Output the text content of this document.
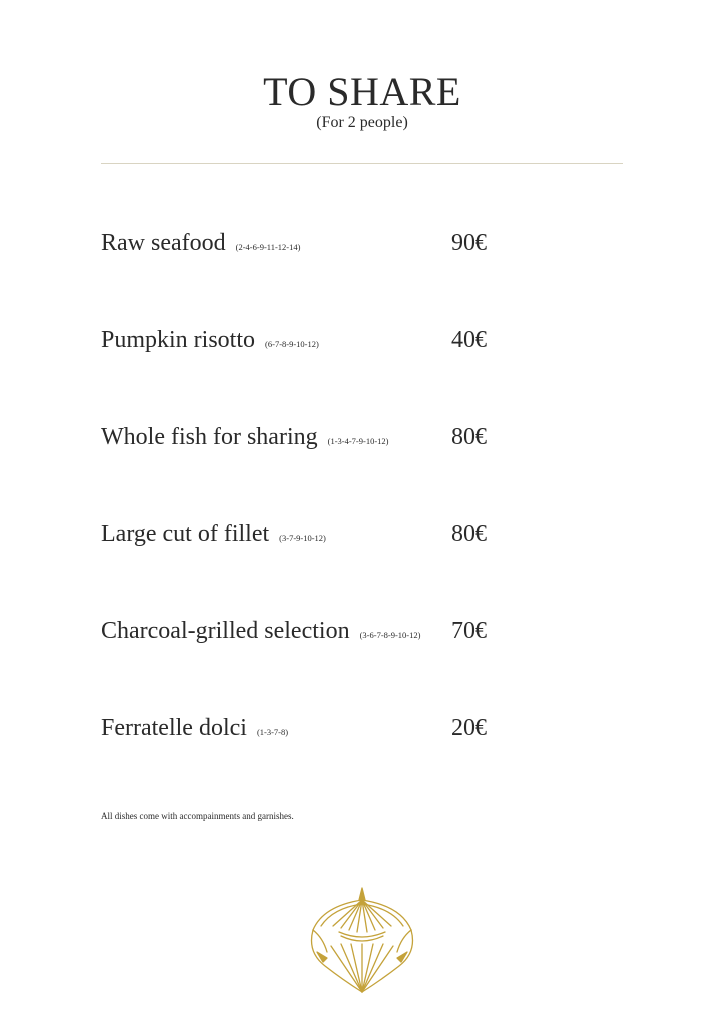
TO SHARE
(For 2 people)
Raw seafood (2-4-6-9-11-12-14)	90€
Pumpkin risotto (6-7-8-9-10-12)	40€
Whole fish for sharing (1-3-4-7-9-10-12)	80€
Large cut of fillet (3-7-9-10-12)	80€
Charcoal-grilled selection (3-6-7-8-9-10-12) 70€
Ferratelle dolci (1-3-7-8)	20€
All dishes come with accompainments and garnishes.
